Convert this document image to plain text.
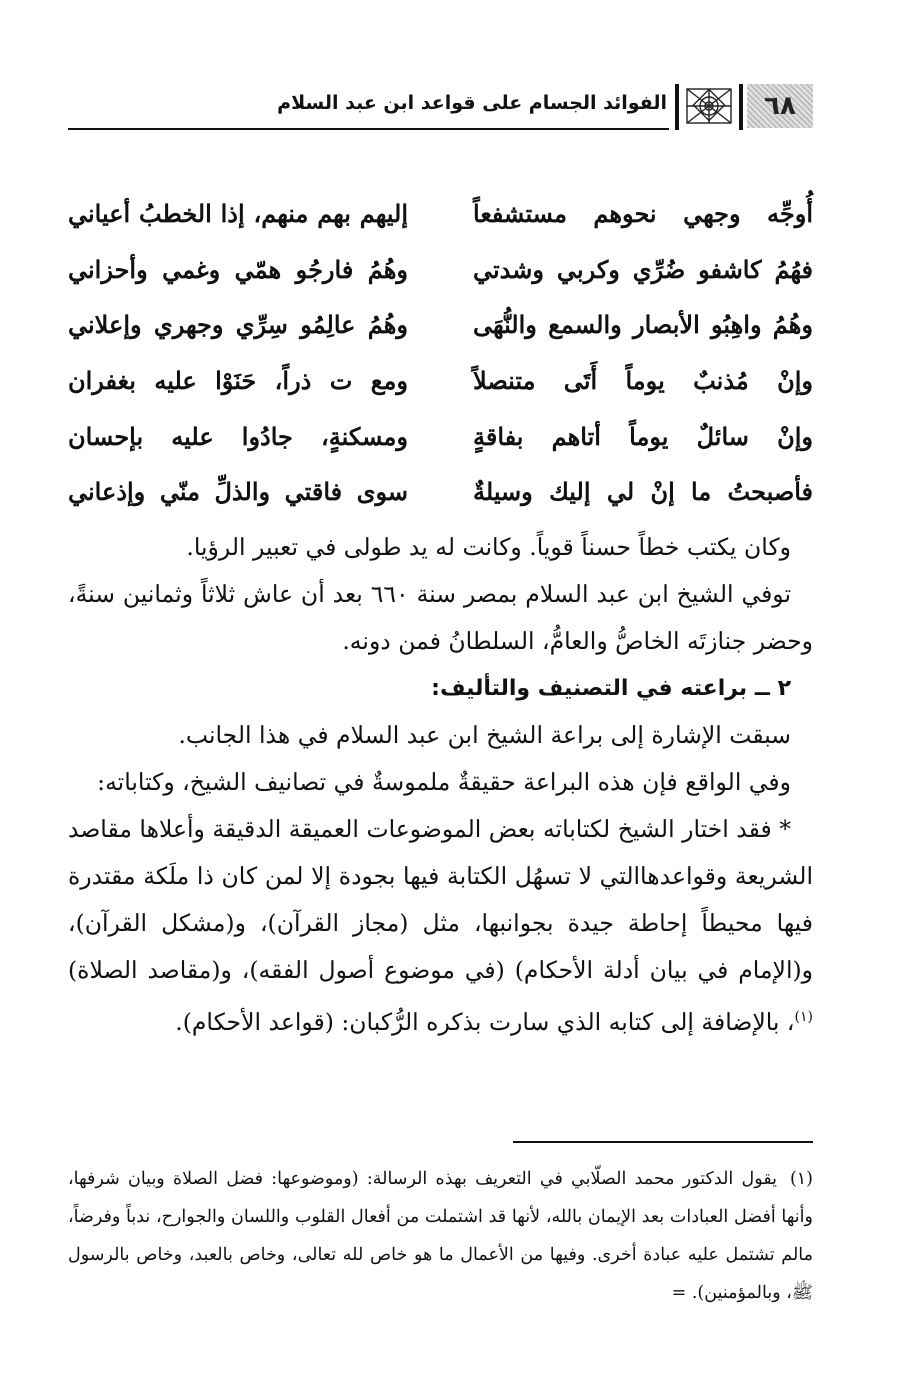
٦٨
الفوائد الجسام على قواعد ابن عبد السلام
أُوجِّه وجهي نحوهم مستشفعاً
إليهم بهم منهم، إذا الخطبُ أعياني
فهُمُ كاشفو ضُرِّي وكربي وشدتي
وهُمُ فارجُو همّي وغمي وأحزاني
وهُمُ واهِبُو الأبصار والسمع والنُّهَى
وهُمُ عالِمُو سِرِّي وجهري وإعلاني
وإنْ مُذنبٌ يوماً أَتَى متنصلاً
ومع ت ذراً، حَنَوْا عليه بغفران
وإنْ سائلٌ يوماً أتاهم بفاقةٍ
ومسكنةٍ، جادُوا عليه بإحسان
فأصبحتُ ما إنْ لي إليك وسيلةٌ
سوى فاقتي والذلِّ منّي وإذعاني

وكان يكتب خطاً حسناً قوياً. وكانت له يد طولى في تعبير الرؤيا.

توفي الشيخ ابن عبد السلام بمصر سنة ٦٦٠ بعد أن عاش ثلاثاً وثمانين سنةً، وحضر جنازتَه الخاصُّ والعامُّ، السلطانُ فمن دونه.

٢ ــ براعته في التصنيف والتأليف:

سبقت الإشارة إلى براعة الشيخ ابن عبد السلام في هذا الجانب.

وفي الواقع فإن هذه البراعة حقيقةٌ ملموسةٌ في تصانيف الشيخ، وكتاباته:

* فقد اختار الشيخ لكتاباته بعض الموضوعات العميقة الدقيقة وأعلاها مقاصد الشريعة وقواعدهاالتي لا تسهُل الكتابة فيها بجودة إلا لمن كان ذا ملَكة مقتدرة فيها محيطاً إحاطة جيدة بجوانبها، مثل (مجاز القرآن)، و(مشكل القرآن)، و(الإمام في بيان أدلة الأحكام) (في موضوع أصول الفقه)، و(مقاصد الصلاة)$^{(١)}$، بالإضافة إلى كتابه الذي سارت بذكره الرُّكبان: (قواعد الأحكام).

(١)يقول الدكتور محمد الصلّابي في التعريف بهذه الرسالة: (وموضوعها: فضل الصلاة وبيان شرفها، وأنها أفضل العبادات بعد الإيمان بالله، لأنها قد اشتملت من أفعال القلوب واللسان والجوارح، ندباً وفرضاً، مالم تشتمل عليه عبادة أخرى. وفيها من الأعمال ما هو خاص لله تعالى، وخاص بالعبد، وخاص بالرسول ﷺ، وبالمؤمنين). =
